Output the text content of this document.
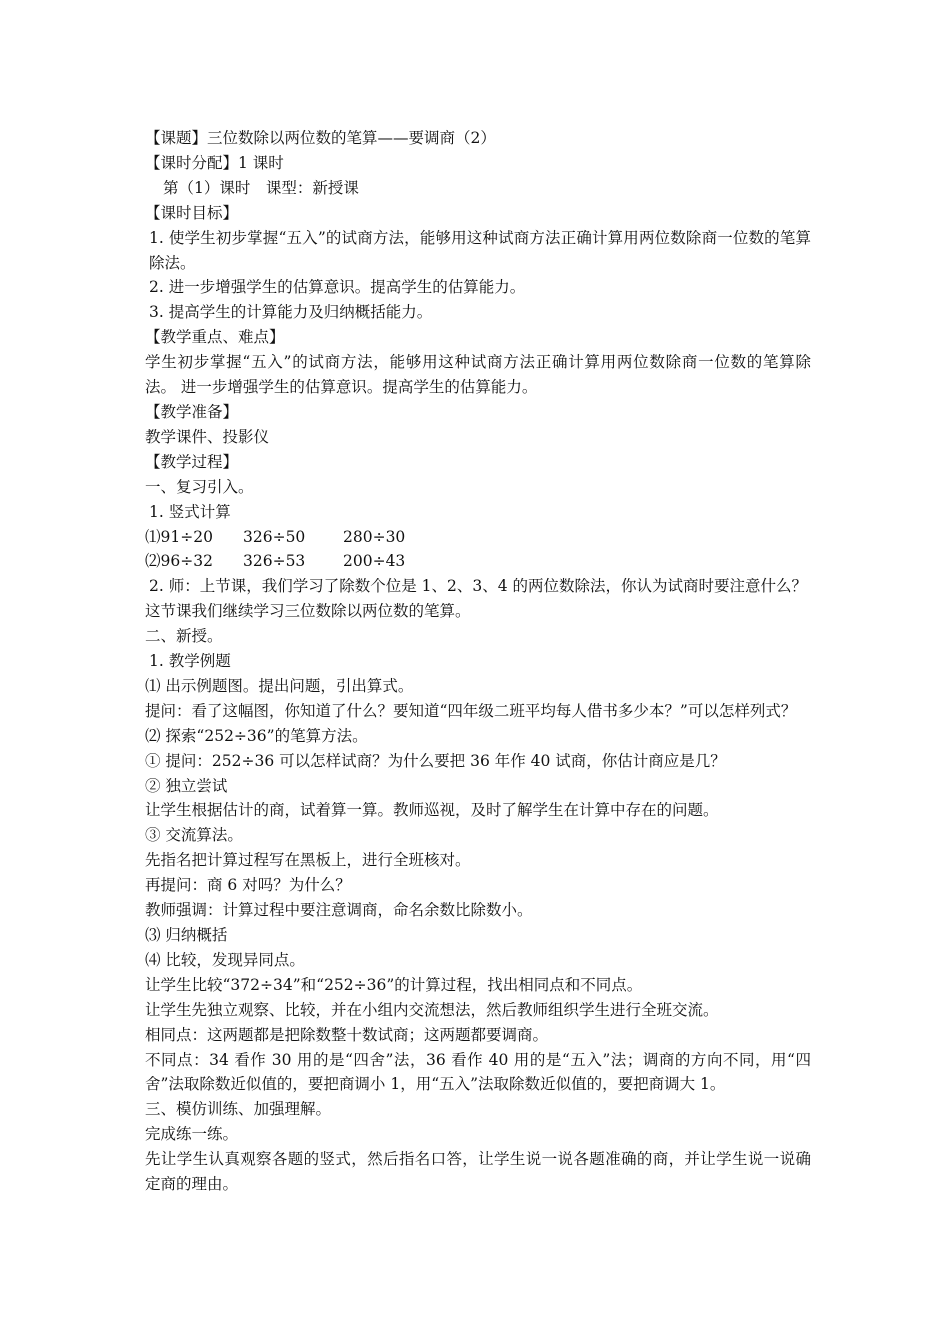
【课题】三位数除以两位数的笔算——要调商（2）
【课时分配】1 课时
第（1）课时　课型：新授课
【课时目标】
1. 使学生初步掌握“五入”的试商方法，能够用这种试商方法正确计算用两位数除商一位数的笔算除法。
2. 进一步增强学生的估算意识。提高学生的估算能力。
3. 提高学生的计算能力及归纳概括能力。
【教学重点、难点】
学生初步掌握“五入”的试商方法，能够用这种试商方法正确计算用两位数除商一位数的笔算除法。 进一步增强学生的估算意识。提高学生的估算能力。
【教学准备】
教学课件、投影仪
【教学过程】
一、复习引入。
1. 竖式计算
⑴91÷20	326÷50	280÷30
⑵96÷32	326÷53	200÷43
2. 师：上节课，我们学习了除数个位是 1、2、3、4 的两位数除法，你认为试商时要注意什么？
这节课我们继续学习三位数除以两位数的笔算。
二、新授。
1. 教学例题
⑴ 出示例题图。提出问题，引出算式。
提问：看了这幅图，你知道了什么？要知道“四年级二班平均每人借书多少本？”可以怎样列式？
⑵ 探索“252÷36”的笔算方法。
① 提问：252÷36 可以怎样试商？为什么要把 36 年作 40 试商，你估计商应是几？
② 独立尝试
让学生根据估计的商，试着算一算。教师巡视，及时了解学生在计算中存在的问题。
③ 交流算法。
先指名把计算过程写在黑板上，进行全班核对。
再提问：商 6 对吗？为什么？
教师强调：计算过程中要注意调商，命名余数比除数小。
⑶ 归纳概括
⑷ 比较，发现异同点。
让学生比较“372÷34”和“252÷36”的计算过程，找出相同点和不同点。
让学生先独立观察、比较，并在小组内交流想法，然后教师组织学生进行全班交流。
相同点：这两题都是把除数整十数试商；这两题都要调商。
不同点：34 看作 30 用的是“四舍”法，36 看作 40 用的是“五入”法；调商的方向不同，用“四舍”法取除数近似值的，要把商调小 1，用“五入”法取除数近似值的，要把商调大 1。
三、模仿训练、加强理解。
完成练一练。
先让学生认真观察各题的竖式，然后指名口答，让学生说一说各题准确的商，并让学生说一说确定商的理由。
